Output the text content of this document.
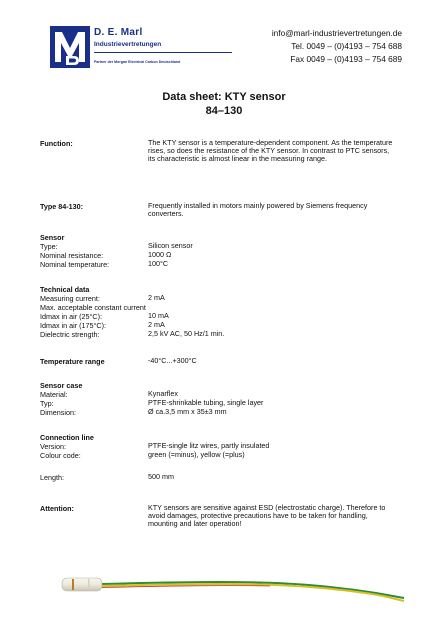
D. E. Marl
Industrievertretungen
Partner der Morgan Electrical Carbon Deutschland
info@marl-industrievertretungen.de
Tel. 0049 – (0)4193 – 754 688
Fax 0049 – (0)4193 – 754 689
Data sheet: KTY sensor
84–130
Function:	The KTY sensor is a temperature-dependent component. As the temperature rises, so does the resistance of the KTY sensor. In contrast to PTC sensors, its characteristic is almost linear in the measuring range.
Type 84-130:	Frequently installed in motors mainly powered by Siemens frequency converters.
Sensor
Type:	Silicon sensor
Nominal resistance:	1000 Ω
Nominal temperature:	100°C
Technical data
Measuring current:	2 mA
Max. acceptable constant current
Idmax in air (25°C):	10 mA
Idmax in air (175°C):	2 mA
Dielectric strength:	2,5 kV AC, 50 Hz/1 min.
Temperature range	-40°C...+300°C
Sensor case
Material:	Kynarflex
Typ:	PTFE-shrinkable tubing, single layer
Dimension:	Ø ca.3,5 mm x 35±3 mm
Connection line
Version:	PTFE-single litz wires, partly insulated
Colour code:	green (=minus), yellow (=plus)
Length:	500 mm
Attention:	KTY sensors are sensitive against ESD (electrostatic charge). Therefore to avoid damages, protective precautions have to be taken for handling, mounting and later operation!
